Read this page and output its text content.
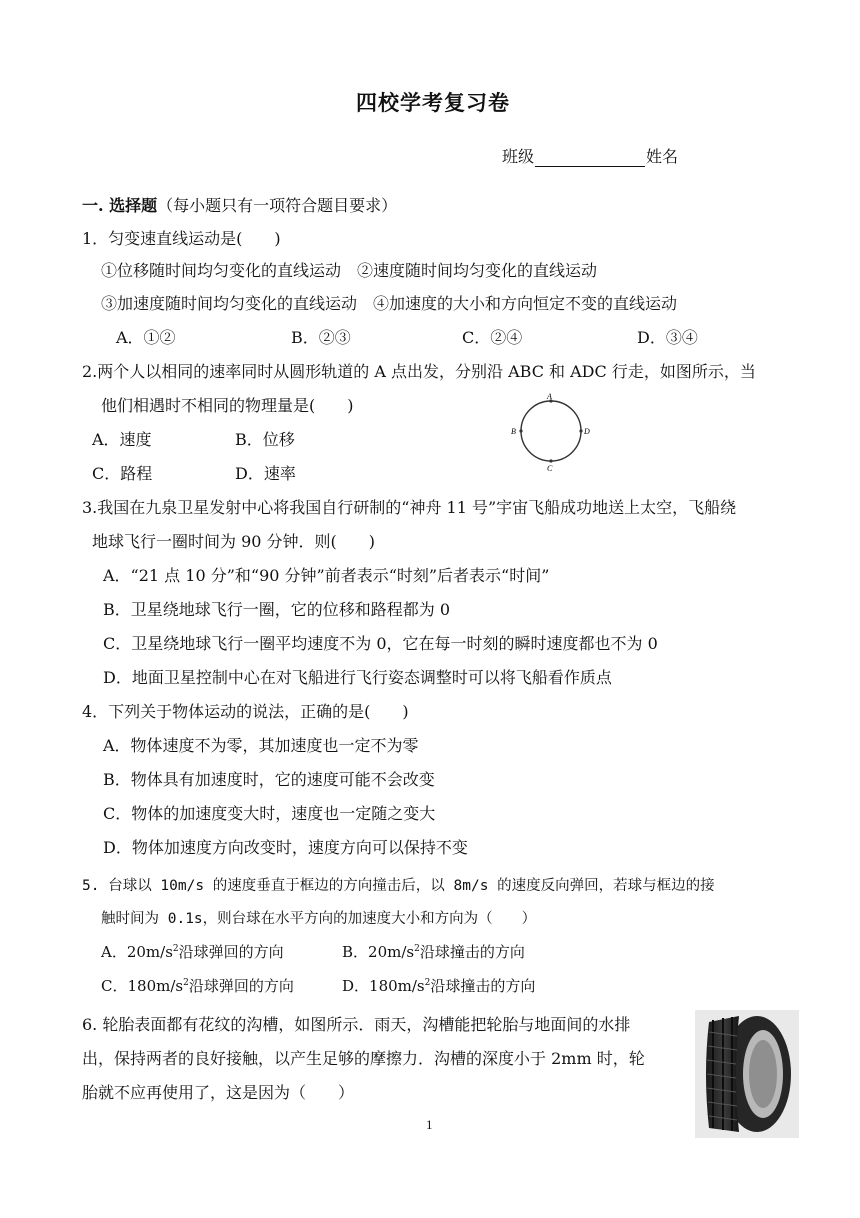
四校学考复习卷
班级	姓名
一. 选择题（每小题只有一项符合题目要求）
1．匀变速直线运动是(　　)
①位移随时间均匀变化的直线运动　②速度随时间均匀变化的直线运动
③加速度随时间均匀变化的直线运动　④加速度的大小和方向恒定不变的直线运动
A．①②	B．②③	C．②④	D．③④
2.两个人以相同的速率同时从圆形轨道的 A 点出发，分别沿 ABC 和 ADC 行走，如图所示，当
他们相遇时不相同的物理量是(　　)
A．速度	B．位移
C．路程	D．速率
A
B
C
D
3.我国在九泉卫星发射中心将我国自行研制的“神舟 11 号”宇宙飞船成功地送上太空，飞船绕
地球飞行一圈时间为 90 分钟．则(　　)
A．“21 点 10 分”和“90 分钟”前者表示“时刻”后者表示“时间”
B．卫星绕地球飞行一圈，它的位移和路程都为 0
C．卫星绕地球飞行一圈平均速度不为 0，它在每一时刻的瞬时速度都也不为 0
D．地面卫星控制中心在对飞船进行飞行姿态调整时可以将飞船看作质点
4．下列关于物体运动的说法，正确的是(　　)
A．物体速度不为零，其加速度也一定不为零
B．物体具有加速度时，它的速度可能不会改变
C．物体的加速度变大时，速度也一定随之变大
D．物体加速度方向改变时，速度方向可以保持不变
5. 台球以 10m/s 的速度垂直于框边的方向撞击后，以 8m/s 的速度反向弹回，若球与框边的接
触时间为 0.1s，则台球在水平方向的加速度大小和方向为（　　）
A．$20m/s^2$沿球弹回的方向	B．$20m/s^2$沿球撞击的方向
C．$180m/s^2$沿球弹回的方向	D．$180m/s^2$沿球撞击的方向
6. 轮胎表面都有花纹的沟槽，如图所示．雨天，沟槽能把轮胎与地面间的水排
出，保持两者的良好接触，以产生足够的摩擦力．沟槽的深度小于 2mm 时，轮
胎就不应再使用了，这是因为（　　）
1
